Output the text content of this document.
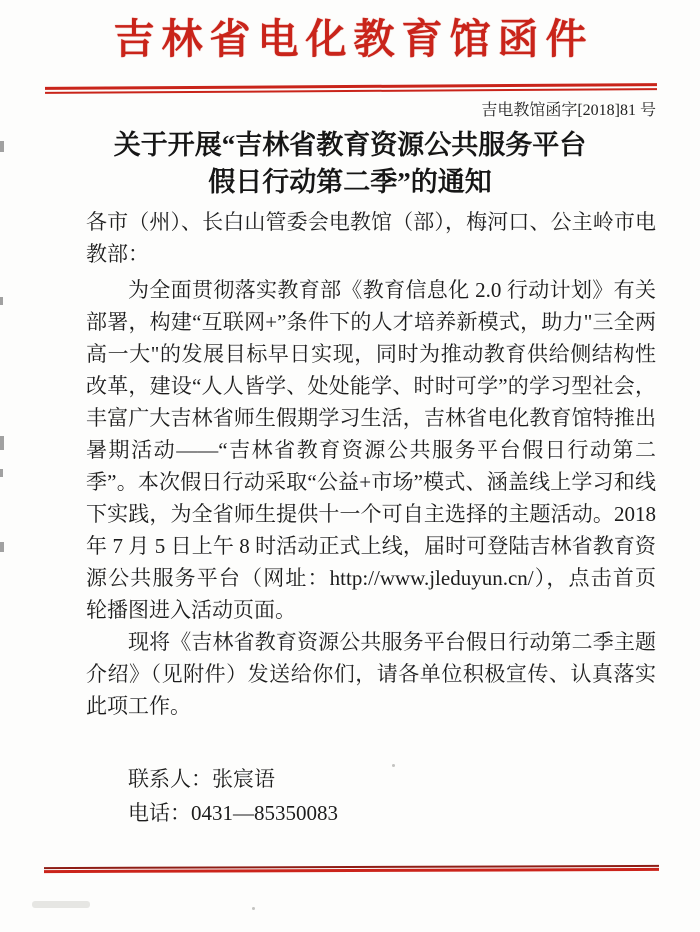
吉林省电化教育馆函件
吉电教馆函字[2018]81 号
关于开展“吉林省教育资源公共服务平台
假日行动第二季”的通知

各市（州）、长白山管委会电教馆（部），梅河口、公主岭市电教部：

为全面贯彻落实教育部《教育信息化 2.0 行动计划》有关部署，构建“互联网+”条件下的人才培养新模式，助力"三全两高一大"的发展目标早日实现，同时为推动教育供给侧结构性改革，建设“人人皆学、处处能学、时时可学”的学习型社会，丰富广大吉林省师生假期学习生活，吉林省电化教育馆特推出暑期活动——“吉林省教育资源公共服务平台假日行动第二季”。本次假日行动采取“公益+市场”模式、涵盖线上学习和线下实践，为全省师生提供十一个可自主选择的主题活动。2018 年 7 月 5 日上午 8 时活动正式上线，届时可登陆吉林省教育资源公共服务平台（网址：http://www.jleduyun.cn/），点击首页轮播图进入活动页面。

现将《吉林省教育资源公共服务平台假日行动第二季主题介绍》（见附件）发送给你们，请各单位积极宣传、认真落实此项工作。

联系人：张宸语
电话：0431—85350083
